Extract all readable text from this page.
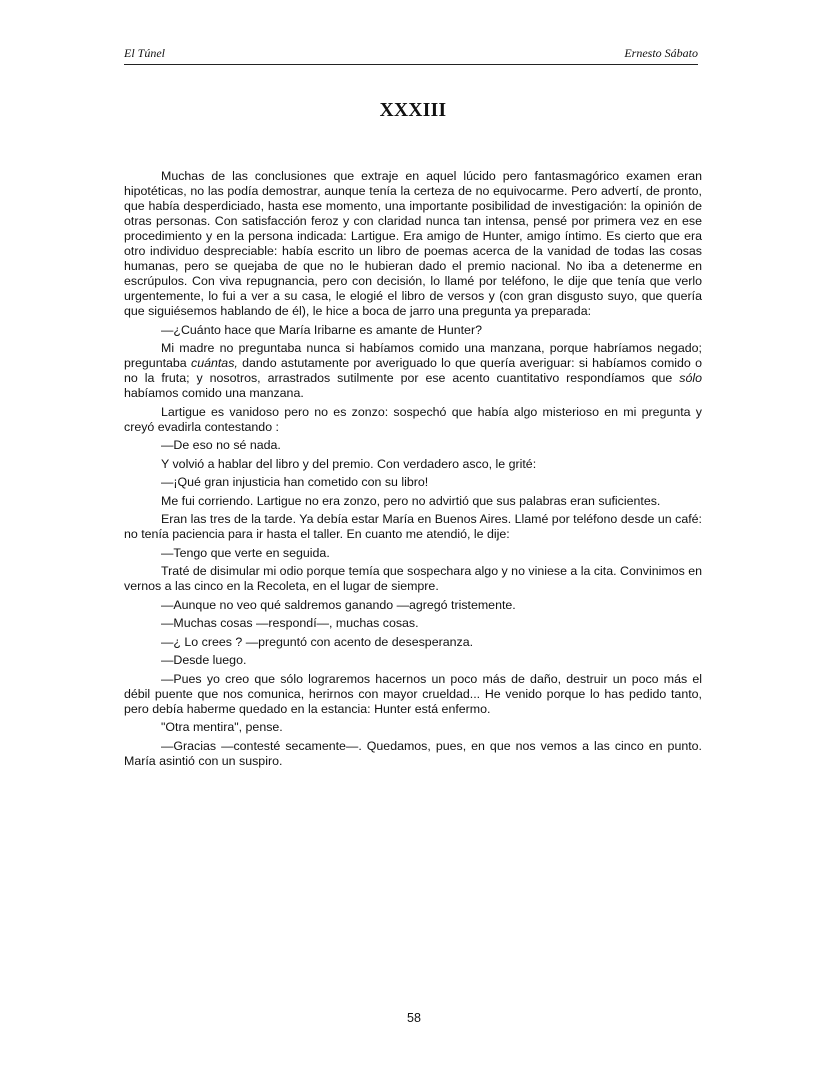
El Túnel	Ernesto Sábato
XXXIII

Muchas de las conclusiones que extraje en aquel lúcido pero fantasmagórico examen eran hipotéticas, no las podía demostrar, aunque tenía la certeza de no equivocarme. Pero advertí, de pronto, que había desperdiciado, hasta ese momento, una importante posibilidad de investigación: la opinión de otras personas. Con satisfacción feroz y con claridad nunca tan intensa, pensé por primera vez en ese procedimiento y en la persona indicada: Lartigue. Era amigo de Hunter, amigo íntimo. Es cierto que era otro individuo despreciable: había escrito un libro de poemas acerca de la vanidad de todas las cosas humanas, pero se quejaba de que no le hubieran dado el premio nacional. No iba a detenerme en escrúpulos. Con viva repugnancia, pero con decisión, lo llamé por teléfono, le dije que tenía que verlo urgentemente, lo fui a ver a su casa, le elogié el libro de versos y (con gran disgusto suyo, que quería que siguiésemos hablando de él), le hice a boca de jarro una pregunta ya preparada:

—¿Cuánto hace que María Iribarne es amante de Hunter?

Mi madre no preguntaba nunca si habíamos comido una manzana, porque habríamos negado; preguntaba cuántas, dando astutamente por averiguado lo que quería averiguar: si habíamos comido o no la fruta; y nosotros, arrastrados sutilmente por ese acento cuantitativo respondíamos que sólo habíamos comido una manzana.

Lartigue es vanidoso pero no es zonzo: sospechó que había algo misterioso en mi pregunta y creyó evadirla contestando :

—De eso no sé nada.

Y volvió a hablar del libro y del premio. Con verdadero asco, le grité:

—¡Qué gran injusticia han cometido con su libro!

Me fui corriendo. Lartigue no era zonzo, pero no advirtió que sus palabras eran suficientes.

Eran las tres de la tarde. Ya debía estar María en Buenos Aires. Llamé por teléfono desde un café: no tenía paciencia para ir hasta el taller. En cuanto me atendió, le dije:

—Tengo que verte en seguida.

Traté de disimular mi odio porque temía que sospechara algo y no viniese a la cita. Convinimos en vernos a las cinco en la Recoleta, en el lugar de siempre.

—Aunque no veo qué saldremos ganando —agregó tristemente.

—Muchas cosas —respondí—, muchas cosas.

—¿ Lo crees ? —preguntó con acento de desesperanza.

—Desde luego.

—Pues yo creo que sólo lograremos hacernos un poco más de daño, destruir un poco más el débil puente que nos comunica, herirnos con mayor crueldad... He venido porque lo has pedido tanto, pero debía haberme quedado en la estancia: Hunter está enfermo.

"Otra mentira", pense.

—Gracias —contesté secamente—. Quedamos, pues, en que nos vemos a las cinco en punto. María asintió con un suspiro.

58
